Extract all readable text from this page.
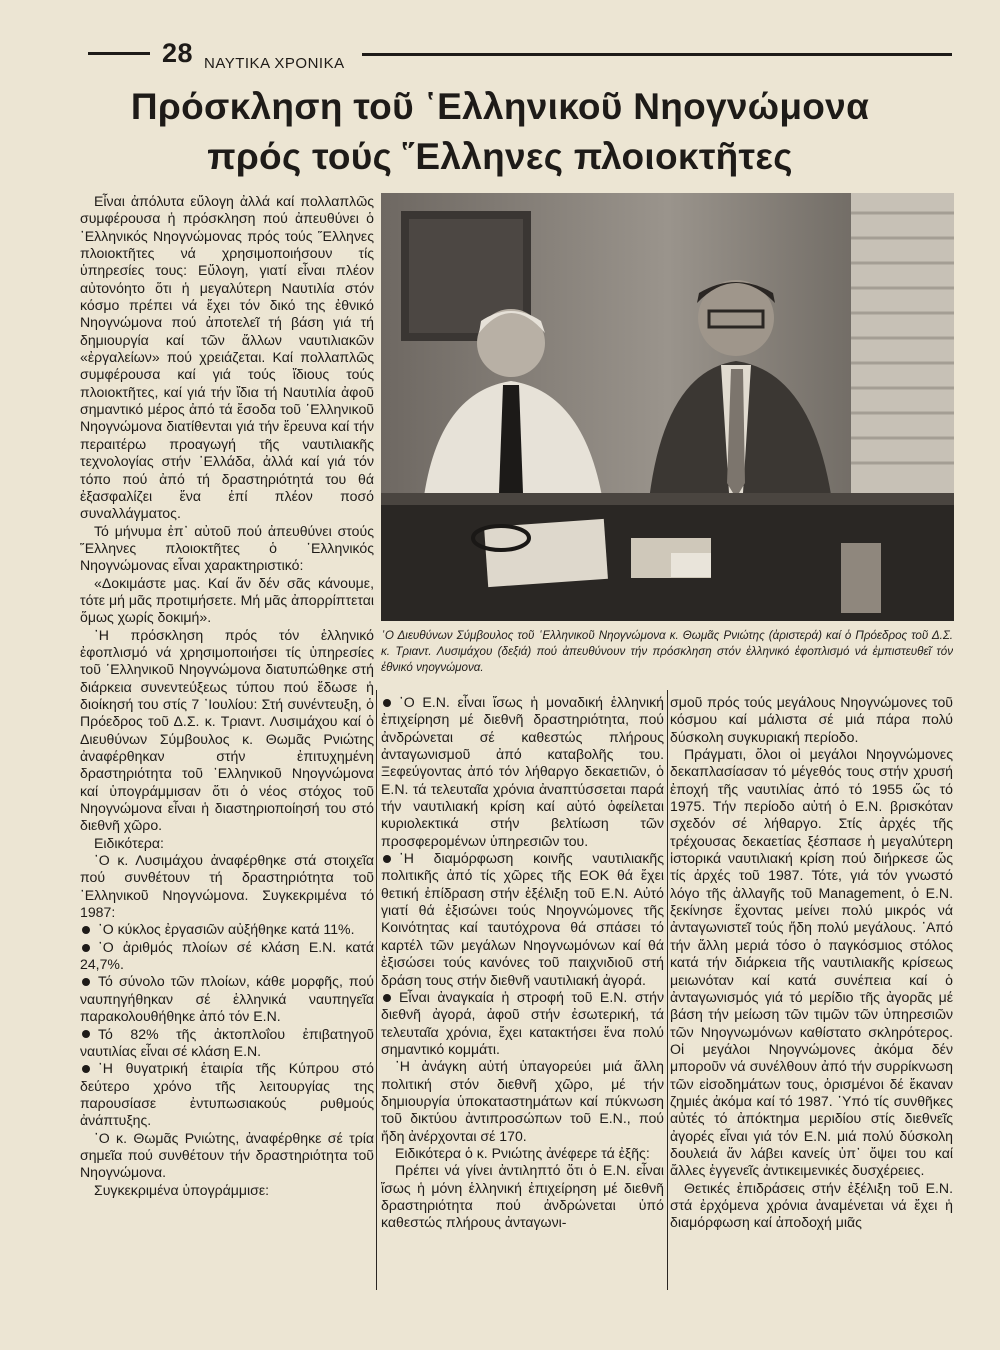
28 ΝΑΥΤΙΚΑ ΧΡΟΝΙΚΑ
Πρόσκληση τοῦ ῾Ελληνικοῦ Νηογνώμονα
πρός τούς ῞Ελληνες πλοιοκτῆτες

Εἶναι ἀπόλυτα εὔλογη ἀλλά καί πολλαπλῶς συμφέρουσα ἡ πρόσκληση πού ἀπευθύνει ὁ ῾Ελληνικός Νηογνώμονας πρός τούς ῞Ελληνες πλοιοκτῆτες νά χρησιμοποιήσουν τίς ὑπηρεσίες τους: Εὔλογη, γιατί εἶναι πλέον αὐτονόητο ὅτι ἡ μεγαλύτερη Ναυτιλία στόν κόσμο πρέπει νά ἔχει τόν δικό της ἐθνικό Νηογνώμονα πού ἀποτελεῖ τή βάση γιά τή δημιουργία καί τῶν ἄλλων ναυτιλιακῶν «ἐργαλείων» πού χρειάζεται. Καί πολλαπλῶς συμφέρουσα καί γιά τούς ἴδιους τούς πλοιοκτῆτες, καί γιά τήν ἴδια τή Ναυτιλία ἀφοῦ σημαντικό μέρος ἀπό τά ἔσοδα τοῦ ῾Ελληνικοῦ Νηογνώμονα διατίθενται γιά τήν ἔρευνα καί τήν περαιτέρω προαγωγή τῆς ναυτιλιακῆς τεχνολογίας στήν ῾Ελλάδα, ἀλλά καί γιά τόν τόπο πού ἀπό τή δραστηριότητά του θά ἐξασφαλίζει ἕνα ἐπί πλέον ποσό συναλλάγματος.

Τό μήνυμα ἐπ᾽ αὐτοῦ πού ἀπευθύνει στούς ῞Ελληνες πλοιοκτῆτες ὁ ῾Ελληνικός Νηογνώμονας εἶναι χαρακτηριστικό:

«Δοκιμάστε μας. Καί ἄν δέν σᾶς κάνουμε, τότε μή μᾶς προτιμήσετε. Μή μᾶς ἀπορρίπτεται ὅμως χωρίς δοκιμή».

῾Η πρόσκληση πρός τόν ἑλληνικό ἐφοπλισμό νά χρησιμοποιήσει τίς ὑπηρεσίες τοῦ ῾Ελληνικοῦ Νηογνώμονα διατυπώθηκε στή διάρκεια συνεντεύξεως τύπου πού ἔδωσε ἡ διοίκησή του στίς 7 ᾿Ιουλίου: Στή συνέντευξη, ὁ Πρόεδρος τοῦ Δ.Σ. κ. Τριαντ. Λυσιμάχου καί ὁ Διευθύνων Σύμβουλος κ. Θωμᾶς Ρνιώτης ἀναφέρθηκαν στήν ἐπιτυχημένη δραστηριότητα τοῦ ῾Ελληνικοῦ Νηογνώμονα καί ὑπογράμμισαν ὅτι ὁ νέος στόχος τοῦ Νηογνώμονα εἶναι ἡ διαστηριοποίησή του στό διεθνῆ χῶρο.

Ειδικότερα:

῾Ο κ. Λυσιμάχου ἀναφέρθηκε στά στοιχεῖα πού συνθέτουν τή δραστηριότητα τοῦ ῾Ελληνικοῦ Νηογνώμονα. Συγκεκριμένα τό 1987:

῾Ο κύκλος ἐργασιῶν αὐξήθηκε κατά 11%.

῾Ο ἀριθμός πλοίων σέ κλάση Ε.Ν. κατά 24,7%.

Τό σύνολο τῶν πλοίων, κάθε μορφῆς, πού ναυπηγήθηκαν σέ ἑλληνικά ναυπηγεῖα παρακολουθήθηκε ἀπό τόν Ε.Ν.

Τό 82% τῆς ἀκτοπλοΐου ἐπιβατηγοῦ ναυτιλίας εἶναι σέ κλάση Ε.Ν.

῾Η θυγατρική ἑταιρία τῆς Κύπρου στό δεύτερο χρόνο τῆς λειτουργίας της παρουσίασε ἐντυπωσιακούς ρυθμούς ἀνάπτυξης.

῾Ο κ. Θωμᾶς Ρνιώτης, ἀναφέρθηκε σέ τρία σημεῖα πού συνθέτουν τήν δραστηριότητα τοῦ Νηογνώμονα.

Συγκεκριμένα ὑπογράμμισε:

῾Ο Διευθύνων Σύμβουλος τοῦ ῾Ελληνικοῦ Νηογνώμονα κ. Θωμᾶς Ρνιώτης (ἀριστερά) καί ὁ Πρόεδρος τοῦ Δ.Σ. κ. Τριαντ. Λυσιμάχου (δεξιά) πού ἀπευθύνουν τήν πρόσκληση στόν ἑλληνικό ἐφοπλισμό νά ἐμπιστευθεῖ τόν ἐθνικό νηογνώμονα.

῾Ο Ε.Ν. εἶναι ἴσως ἡ μοναδική ἑλληνική ἐπιχείρηση μέ διεθνῆ δραστηριότητα, πού ἀνδρώνεται σέ καθεστώς πλήρους ἀνταγωνισμοῦ ἀπό καταβολῆς του. Ξεφεύγοντας ἀπό τόν λήθαργο δεκαετιῶν, ὁ Ε.Ν. τά τελευταῖα χρόνια ἀναπτύσσεται παρά τήν ναυτιλιακή κρίση καί αὐτό ὀφείλεται κυριολεκτικά στήν βελτίωση τῶν προσφερομένων ὑπηρεσιῶν του.

῾Η διαμόρφωση κοινῆς ναυτιλιακῆς πολιτικῆς ἀπό τίς χῶρες τῆς ΕΟΚ θά ἔχει θετική ἐπίδραση στήν ἐξέλιξη τοῦ Ε.Ν. Αὐτό γιατί θά ἐξισώνει τούς Νηογνώμονες τῆς Κοινότητας καί ταυτόχρονα θά σπάσει τό καρτέλ τῶν μεγάλων Νηογνωμόνων καί θά ἐξισώσει τούς κανόνες τοῦ παιχνιδιοῦ στή δράση τους στήν διεθνῆ ναυτιλιακή ἀγορά.

Εἶναι ἀναγκαία ἡ στροφή τοῦ Ε.Ν. στήν διεθνῆ ἀγορά, ἀφοῦ στήν ἐσωτερική, τά τελευταῖα χρόνια, ἔχει κατακτήσει ἕνα πολύ σημαντικό κομμάτι.

῾Η ἀνάγκη αὐτή ὑπαγορεύει μιά ἄλλη πολιτική στόν διεθνῆ χῶρο, μέ τήν δημιουργία ὑποκαταστημάτων καί πύκνωση τοῦ δικτύου ἀντιπροσώπων τοῦ Ε.Ν., πού ἤδη ἀνέρχονται σέ 170.

Ειδικότερα ὁ κ. Ρνιώτης ἀνέφερε τά ἐξῆς:

Πρέπει νά γίνει ἀντιληπτό ὅτι ὁ Ε.Ν. εἶναι ἴσως ἡ μόνη ἑλληνική ἐπιχείρηση μέ διεθνῆ δραστηριότητα πού ἀνδρώνεται ὑπό καθεστώς πλήρους ἀνταγωνι-

σμοῦ πρός τούς μεγάλους Νηογνώμονες τοῦ κόσμου καί μάλιστα σέ μιά πάρα πολύ δύσκολη συγκυριακή περίοδο.

Πράγματι, ὅλοι οἱ μεγάλοι Νηογνώμονες δεκαπλασίασαν τό μέγεθός τους στήν χρυσή ἐποχή τῆς ναυτιλίας ἀπό τό 1955 ὥς τό 1975. Τήν περίοδο αὐτή ὁ Ε.Ν. βρισκόταν σχεδόν σέ λήθαργο. Στίς ἀρχές τῆς τρέχουσας δεκαετίας ξέσπασε ἡ μεγαλύτερη ἱστορικά ναυτιλιακή κρίση πού διήρκεσε ὥς τίς ἀρχές τοῦ 1987. Τότε, γιά τόν γνωστό λόγο τῆς ἀλλαγῆς τοῦ Management, ὁ Ε.Ν. ξεκίνησε ἔχοντας μείνει πολύ μικρός νά ἀνταγωνιστεῖ τούς ἤδη πολύ μεγάλους. ᾿Από τήν ἄλλη μεριά τόσο ὁ παγκόσμιος στόλος κατά τήν διάρκεια τῆς ναυτιλιακῆς κρίσεως μειωνόταν καί κατά συνέπεια καί ὁ ἀνταγωνισμός γιά τό μερίδιο τῆς ἀγορᾶς μέ βάση τήν μείωση τῶν τιμῶν τῶν ὑπηρεσιῶν τῶν Νηογνωμόνων καθίστατο σκληρότερος. Οἱ μεγάλοι Νηογνώμονες ἀκόμα δέν μποροῦν νά συνέλθουν ἀπό τήν συρρίκνωση τῶν εἰσοδημάτων τους, ὁρισμένοι δέ ἔκαναν ζημιές ἀκόμα καί τό 1987. ῾Υπό τίς συνθῆκες αὐτές τό ἀπόκτημα μεριδίου στίς διεθνεῖς ἀγορές εἶναι γιά τόν Ε.Ν. μιά πολύ δύσκολη δουλειά ἄν λάβει κανείς ὑπ᾽ ὄψει του καί ἄλλες ἐγγενεῖς ἀντικειμενικές δυσχέρειες.

Θετικές ἐπιδράσεις στήν ἐξέλιξη τοῦ Ε.Ν. στά ἐρχόμενα χρόνια ἀναμένεται νά ἔχει ἡ διαμόρφωση καί ἀποδοχή μιᾶς
